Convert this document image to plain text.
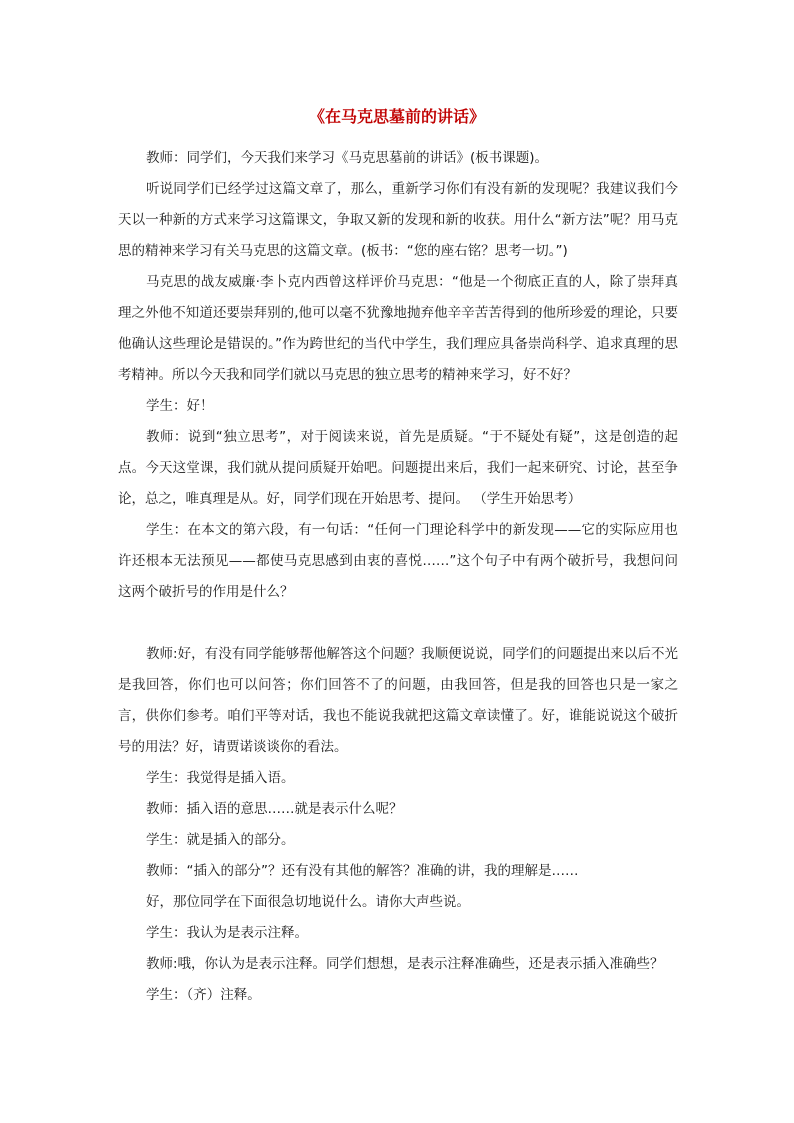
《在马克思墓前的讲话》

教师：同学们，今天我们来学习《马克思墓前的讲话》(板书课题)。

听说同学们已经学过这篇文章了，那么，重新学习你们有没有新的发现呢？我建议我们今天以一种新的方式来学习这篇课文，争取又新的发现和新的收获。用什么“新方法”呢？用马克思的精神来学习有关马克思的这篇文章。(板书：“您的座右铭？思考一切。”)

马克思的战友威廉·李卜克内西曾这样评价马克思：“他是一个彻底正直的人，除了崇拜真理之外他不知道还要崇拜别的,他可以毫不犹豫地抛弃他辛辛苦苦得到的他所珍爱的理论，只要他确认这些理论是错误的。”作为跨世纪的当代中学生，我们理应具备崇尚科学、追求真理的思考精神。所以今天我和同学们就以马克思的独立思考的精神来学习，好不好？

学生：好！

教师：说到“独立思考”，对于阅读来说，首先是质疑。“于不疑处有疑”，这是创造的起点。今天这堂课，我们就从提问质疑开始吧。问题提出来后，我们一起来研究、讨论，甚至争论，总之，唯真理是从。好，同学们现在开始思考、提问。 （学生开始思考）

学生：在本文的第六段，有一句话：“任何一门理论科学中的新发现——它的实际应用也许还根本无法预见——都使马克思感到由衷的喜悦……”这个句子中有两个破折号，我想问问这两个破折号的作用是什么？

教师:好，有没有同学能够帮他解答这个问题？我顺便说说，同学们的问题提出来以后不光是我回答，你们也可以问答；你们回答不了的问题，由我回答，但是我的回答也只是一家之言，供你们参考。咱们平等对话，我也不能说我就把这篇文章读懂了。好，谁能说说这个破折号的用法？好，请贾诺谈谈你的看法。

学生：我觉得是插入语。

教师：插入语的意思……就是表示什么呢？

学生：就是插入的部分。

教师：“插入的部分”？还有没有其他的解答？准确的讲，我的理解是……

好，那位同学在下面很急切地说什么。请你大声些说。

学生：我认为是表示注释。

教师:哦，你认为是表示注释。同学们想想，是表示注释准确些，还是表示插入准确些？

学生：（齐）注释。
